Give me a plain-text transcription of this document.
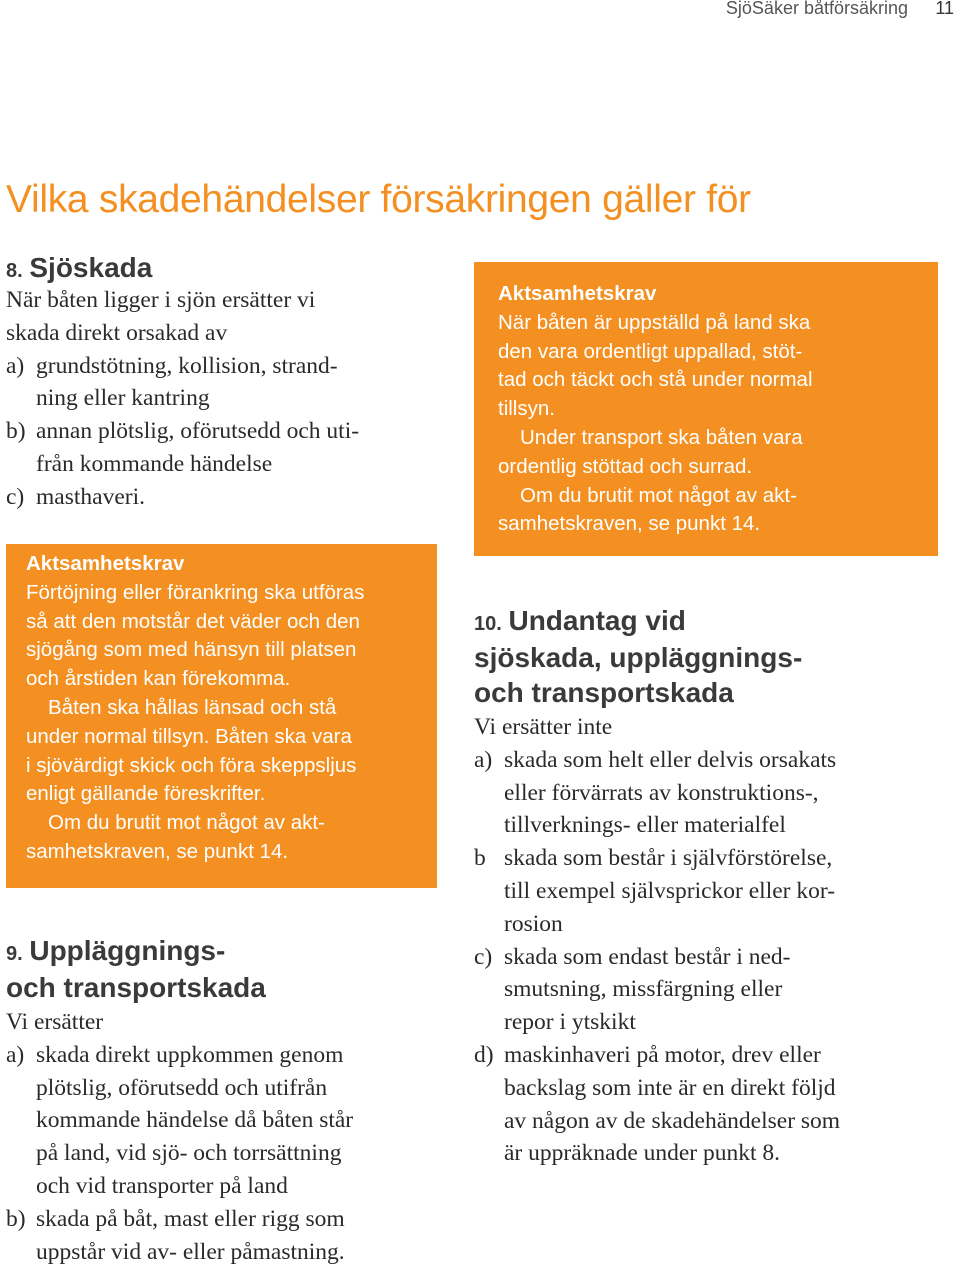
SjöSäker båtförsäkring 11
Vilka skadehändelser försäkringen gäller för
8. Sjöskada
När båten ligger i sjön ersätter vi
skada direkt orsakad av
a) grundstötning, kollision, strand-
ning eller kantring
b) annan plötslig, oförutsedd och uti-
från kommande händelse
c) masthaveri.

Aktsamhetskrav

Förtöjning eller förankring ska utföras
så att den motstår det väder och den
sjögång som med hänsyn till platsen
och årstiden kan förekomma.

Båten ska hållas länsad och stå
under normal tillsyn. Båten ska vara
i sjövärdigt skick och föra skeppsljus
enligt gällande föreskrifter.

Om du brutit mot något av akt-
samhetskraven, se punkt 14.

9. Uppläggnings-
och transportskada
Vi ersätter
a) skada direkt uppkommen genom
plötslig, oförutsedd och utifrån
kommande händelse då båten står
på land, vid sjö- och torrsättning
och vid transporter på land
b) skada på båt, mast eller rigg som
uppstår vid av- eller påmastning.

Aktsamhetskrav

När båten är uppställd på land ska
den vara ordentligt uppallad, stöt-
tad och täckt och stå under normal
tillsyn.

Under transport ska båten vara
ordentlig stöttad och surrad.

Om du brutit mot något av akt-
samhetskraven, se punkt 14.

10. Undantag vid
sjöskada, uppläggnings-
och transportskada
Vi ersätter inte
a) skada som helt eller delvis orsakats
eller förvärrats av konstruktions-,
tillverknings- eller materialfel
b skada som består i självförstörelse,
till exempel självsprickor eller kor-
rosion
c) skada som endast består i ned-
smutsning, missfärgning eller
repor i ytskikt
d) maskinhaveri på motor, drev eller
backslag som inte är en direkt följd
av någon av de skadehändelser som
är uppräknade under punkt 8.
